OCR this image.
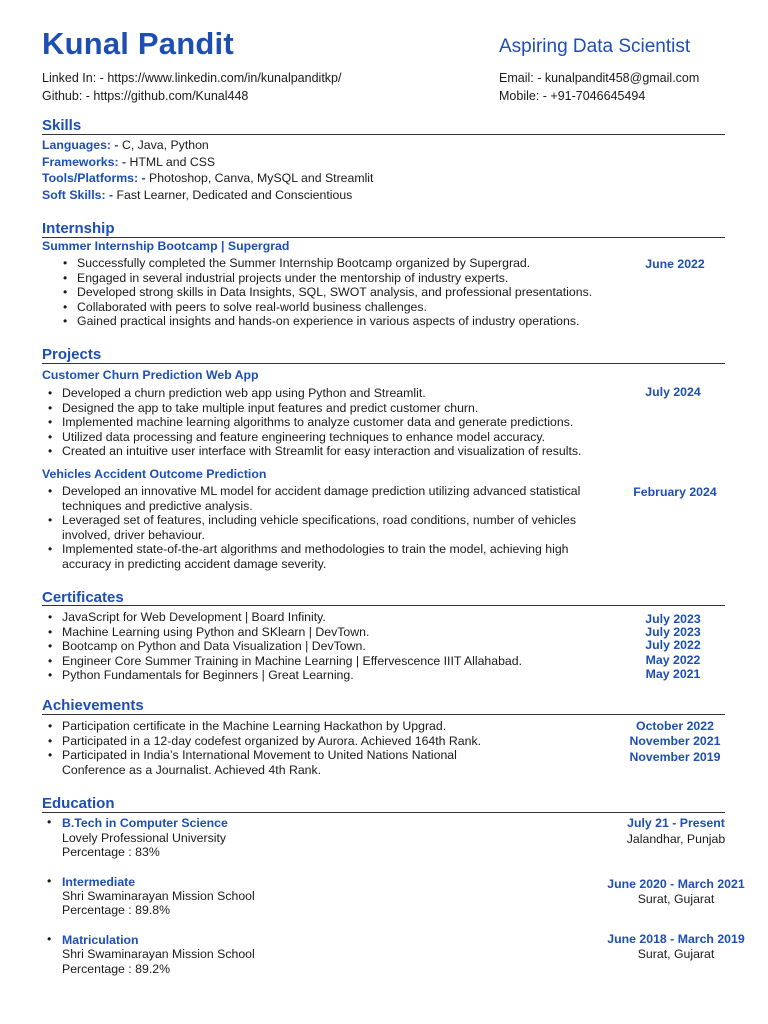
Kunal Pandit	Aspiring Data Scientist
Linked In: - https://www.linkedin.com/in/kunalpanditkp/
Github: - https://github.com/Kunal448
Email: - kunalpandit458@gmail.com
Mobile: - +91-7046645494
Skills
Languages: - C, Java, Python
Frameworks: - HTML and CSS
Tools/Platforms: - Photoshop, Canva, MySQL and Streamlit
Soft Skills: - Fast Learner, Dedicated and Conscientious
Internship
Summer Internship Bootcamp | Supergrad
June 2022
• Successfully completed the Summer Internship Bootcamp organized by Supergrad.
• Engaged in several industrial projects under the mentorship of industry experts.
• Developed strong skills in Data Insights, SQL, SWOT analysis, and professional presentations.
• Collaborated with peers to solve real-world business challenges.
• Gained practical insights and hands-on experience in various aspects of industry operations.
Projects
Customer Churn Prediction Web App
July 2024
• Developed a churn prediction web app using Python and Streamlit.
• Designed the app to take multiple input features and predict customer churn.
• Implemented machine learning algorithms to analyze customer data and generate predictions.
• Utilized data processing and feature engineering techniques to enhance model accuracy.
• Created an intuitive user interface with Streamlit for easy interaction and visualization of results.
Vehicles Accident Outcome Prediction
February 2024
• Developed an innovative ML model for accident damage prediction utilizing advanced statistical techniques and predictive analysis.
• Leveraged set of features, including vehicle specifications, road conditions, number of vehicles involved, driver behaviour.
• Implemented state-of-the-art algorithms and methodologies to train the model, achieving high accuracy in predicting accident damage severity.
Certificates
• JavaScript for Web Development | Board Infinity.
• Machine Learning using Python and SKlearn | DevTown.
• Bootcamp on Python and Data Visualization | DevTown.
• Engineer Core Summer Training in Machine Learning | Effervescence IIIT Allahabad.
• Python Fundamentals for Beginners | Great Learning.
July 2023
July 2023
July 2022
May 2022
May 2021
Achievements
• Participation certificate in the Machine Learning Hackathon by Upgrad.
• Participated in a 12-day codefest organized by Aurora. Achieved 164th Rank.
• Participated in India’s International Movement to United Nations National Conference as a Journalist. Achieved 4th Rank.
October 2022
November 2021
November 2019
Education
• B.Tech in Computer Science
Lovely Professional University
Percentage : 83%
July 21 - Present
Jalandhar, Punjab
• Intermediate
Shri Swaminarayan Mission School
Percentage : 89.8%
June 2020 - March 2021
Surat, Gujarat
• Matriculation
Shri Swaminarayan Mission School
Percentage : 89.2%
June 2018 - March 2019
Surat, Gujarat
